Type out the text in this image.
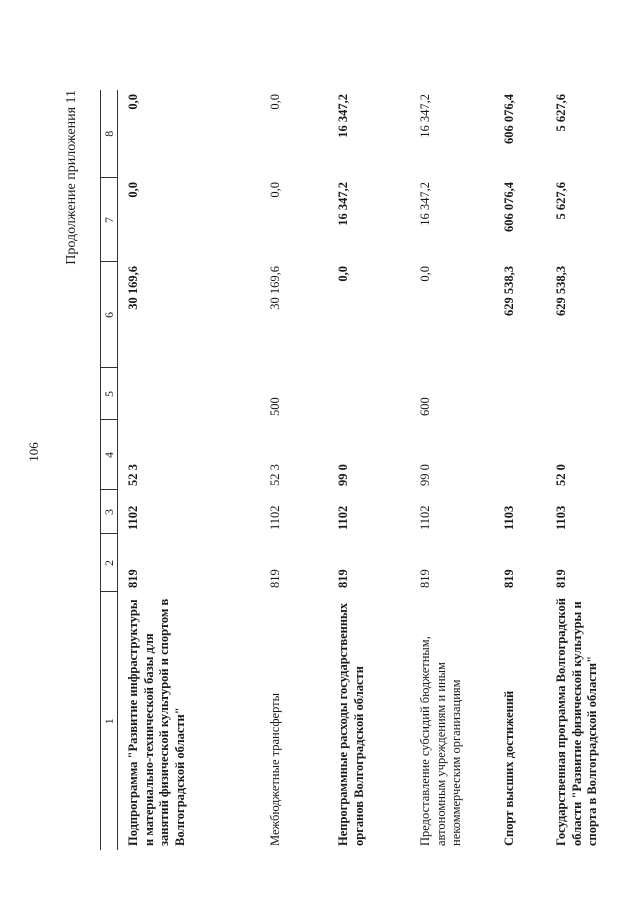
106
Продолжение приложения 11
1	2	3	4	5	6	7	8
Подпрограмма "Развитие инфраструктуры и материально-технической базы для занятий физической культурой и спортом в Волгоградской области"	819	1102	52 3		30 169,6	0,0	0,0
Межбюджетные трансферты	819	1102	52 3	500	30 169,6	0,0	0,0
Непрограммные расходы государственных органов Волгоградской области	819	1102	99 0		0,0	16 347,2	16 347,2
Предоставление субсидий бюджетным, автономным учреждениям и иным некоммерческим организациям	819	1102	99 0	600	0,0	16 347,2	16 347,2
Спорт высших достижений	819	1103			629 538,3	606 076,4	606 076,4
Государственная программа Волгоградской области "Развитие физической культуры и спорта в Волгоградской области"	819	1103	52 0		629 538,3	5 627,6	5 627,6
